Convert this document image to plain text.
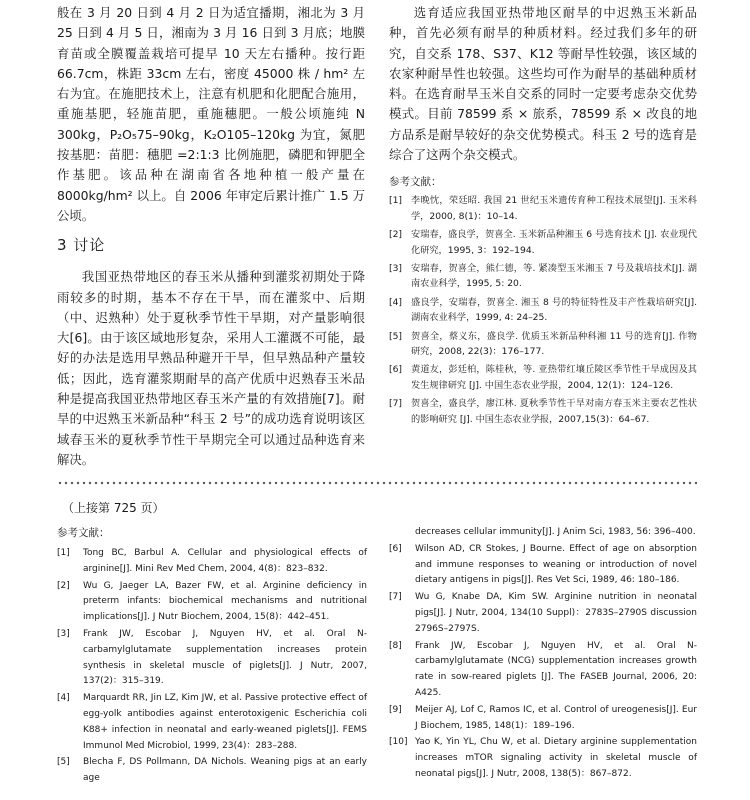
般在 3 月 20 日到 4 月 2 日为适宜播期，湘北为 3 月 25 日到 4 月 5 日，湘南为 3 月 16 日到 3 月底；地膜育苗或全膜覆盖栽培可提早 10 天左右播种。按行距 66.7cm，株距 33cm 左右，密度 45000 株 / hm² 左右为宜。在施肥技术上，注意有机肥和化肥配合施用，重施基肥，轻施苗肥，重施穗肥。一般公顷施纯 N 300kg，P₂O₅75–90kg，K₂O105–120kg 为宜，氮肥按基肥：苗肥：穗肥 =2:1:3 比例施肥，磷肥和钾肥全作基肥。该品种在湖南省各地种植一般产量在 8000kg/hm² 以上。自 2006 年审定后累计推广 1.5 万公顷。

3 讨论

我国亚热带地区的春玉米从播种到灌浆初期处于降雨较多的时期，基本不存在干旱，而在灌浆中、后期（中、迟熟种）处于夏秋季节性干旱期，对产量影响很大[6]。由于该区域地形复杂，采用人工灌溉不可能，最好的办法是选用早熟品种避开干旱，但早熟品种产量较低；因此，选育灌浆期耐旱的高产优质中迟熟春玉米品种是提高我国亚热带地区春玉米产量的有效措施[7]。耐旱的中迟熟玉米新品种“科玉 2 号”的成功选育说明该区域春玉米的夏秋季节性干旱期完全可以通过品种选育来解决。

选育适应我国亚热带地区耐旱的中迟熟玉米新品种，首先必须有耐旱的种质材料。经过我们多年的研究，自交系 178、S37、K12 等耐旱性较强，该区域的农家种耐旱性也较强。这些均可作为耐旱的基础种质材料。在选育耐旱玉米自交系的同时一定要考虑杂交优势模式。目前 78599 系 × 旅系，78599 系 × 改良的地方品系是耐旱较好的杂交优势模式。科玉 2 号的选育是综合了这两个杂交模式。

参考文献：
[1] 李晚忱，荣廷昭. 我国 21 世纪玉米遗传育种工程技术展望[J]. 玉米科学，2000, 8(1)：10–14.
[2] 安瑞春，盛良学，贺喜全. 玉米新品种湘玉 6 号选育技术 [J]. 农业现代化研究，1995, 3：192–194.
[3] 安瑞春，贺喜全，熊仁德，等. 紧凑型玉米湘玉 7 号及栽培技术[J]. 湖南农业科学，1995, 5: 20.
[4] 盛良学，安瑞春，贺喜全. 湘玉 8 号的特征特性及丰产性栽培研究[J]. 湖南农业科学，1999, 4: 24–25.
[5] 贺喜全，蔡义东，盛良学. 优质玉米新品种科湘 11 号的选育[J]. 作物研究，2008, 22(3)：176–177.
[6] 黄道友，彭廷柏，陈桂秋，等. 亚热带红壤丘陵区季节性干旱成因及其发生规律研究 [J]. 中国生态农业学报，2004, 12(1)：124–126.
[7] 贺喜全，盛良学，廖江林. 夏秋季节性干旱对南方春玉米主要农艺性状的影响研究 [J]. 中国生态农业学报，2007,15(3)：64–67.
（上接第 725 页）
参考文献：
[1] Tong BC, Barbul A. Cellular and physiological effects of arginine[J]. Mini Rev Med Chem, 2004, 4(8)：823–832.
[2] Wu G, Jaeger LA, Bazer FW, et al. Arginine deficiency in preterm infants: biochemical mechanisms and nutritional implications[J]. J Nutr Biochem, 2004, 15(8)：442–451.
[3] Frank JW, Escobar J, Nguyen HV, et al. Oral N-carbamylglutamate supplementation increases protein synthesis in skeletal muscle of piglets[J]. J Nutr, 2007, 137(2)：315–319.
[4] Marquardt RR, Jin LZ, Kim JW, et al. Passive protective effect of egg-yolk antibodies against enterotoxigenic Escherichia coli K88+ infection in neonatal and early-weaned piglets[J]. FEMS Immunol Med Microbiol, 1999, 23(4)：283–288.
[5] Blecha F, DS Pollmann, DA Nichols. Weaning pigs at an early age
decreases cellular immunity[J]. J Anim Sci, 1983, 56: 396–400.
[6] Wilson AD, CR Stokes, J Bourne. Effect of age on absorption and immune responses to weaning or introduction of novel dietary antigens in pigs[J]. Res Vet Sci, 1989, 46: 180–186.
[7] Wu G, Knabe DA, Kim SW. Arginine nutrition in neonatal pigs[J]. J Nutr, 2004, 134(10 Suppl)：2783S–2790S discussion 2796S–2797S.
[8] Frank JW, Escobar J, Nguyen HV, et al. Oral N-carbamylglutamate (NCG) supplementation increases growth rate in sow-reared piglets [J]. The FASEB Journal, 2006, 20: A425.
[9] Meijer AJ, Lof C, Ramos IC, et al. Control of ureogenesis[J]. Eur J Biochem, 1985, 148(1)：189–196.
[10] Yao K, Yin YL, Chu W, et al. Dietary arginine supplementation increases mTOR signaling activity in skeletal muscle of neonatal pigs[J]. J Nutr, 2008, 138(5)：867–872.
